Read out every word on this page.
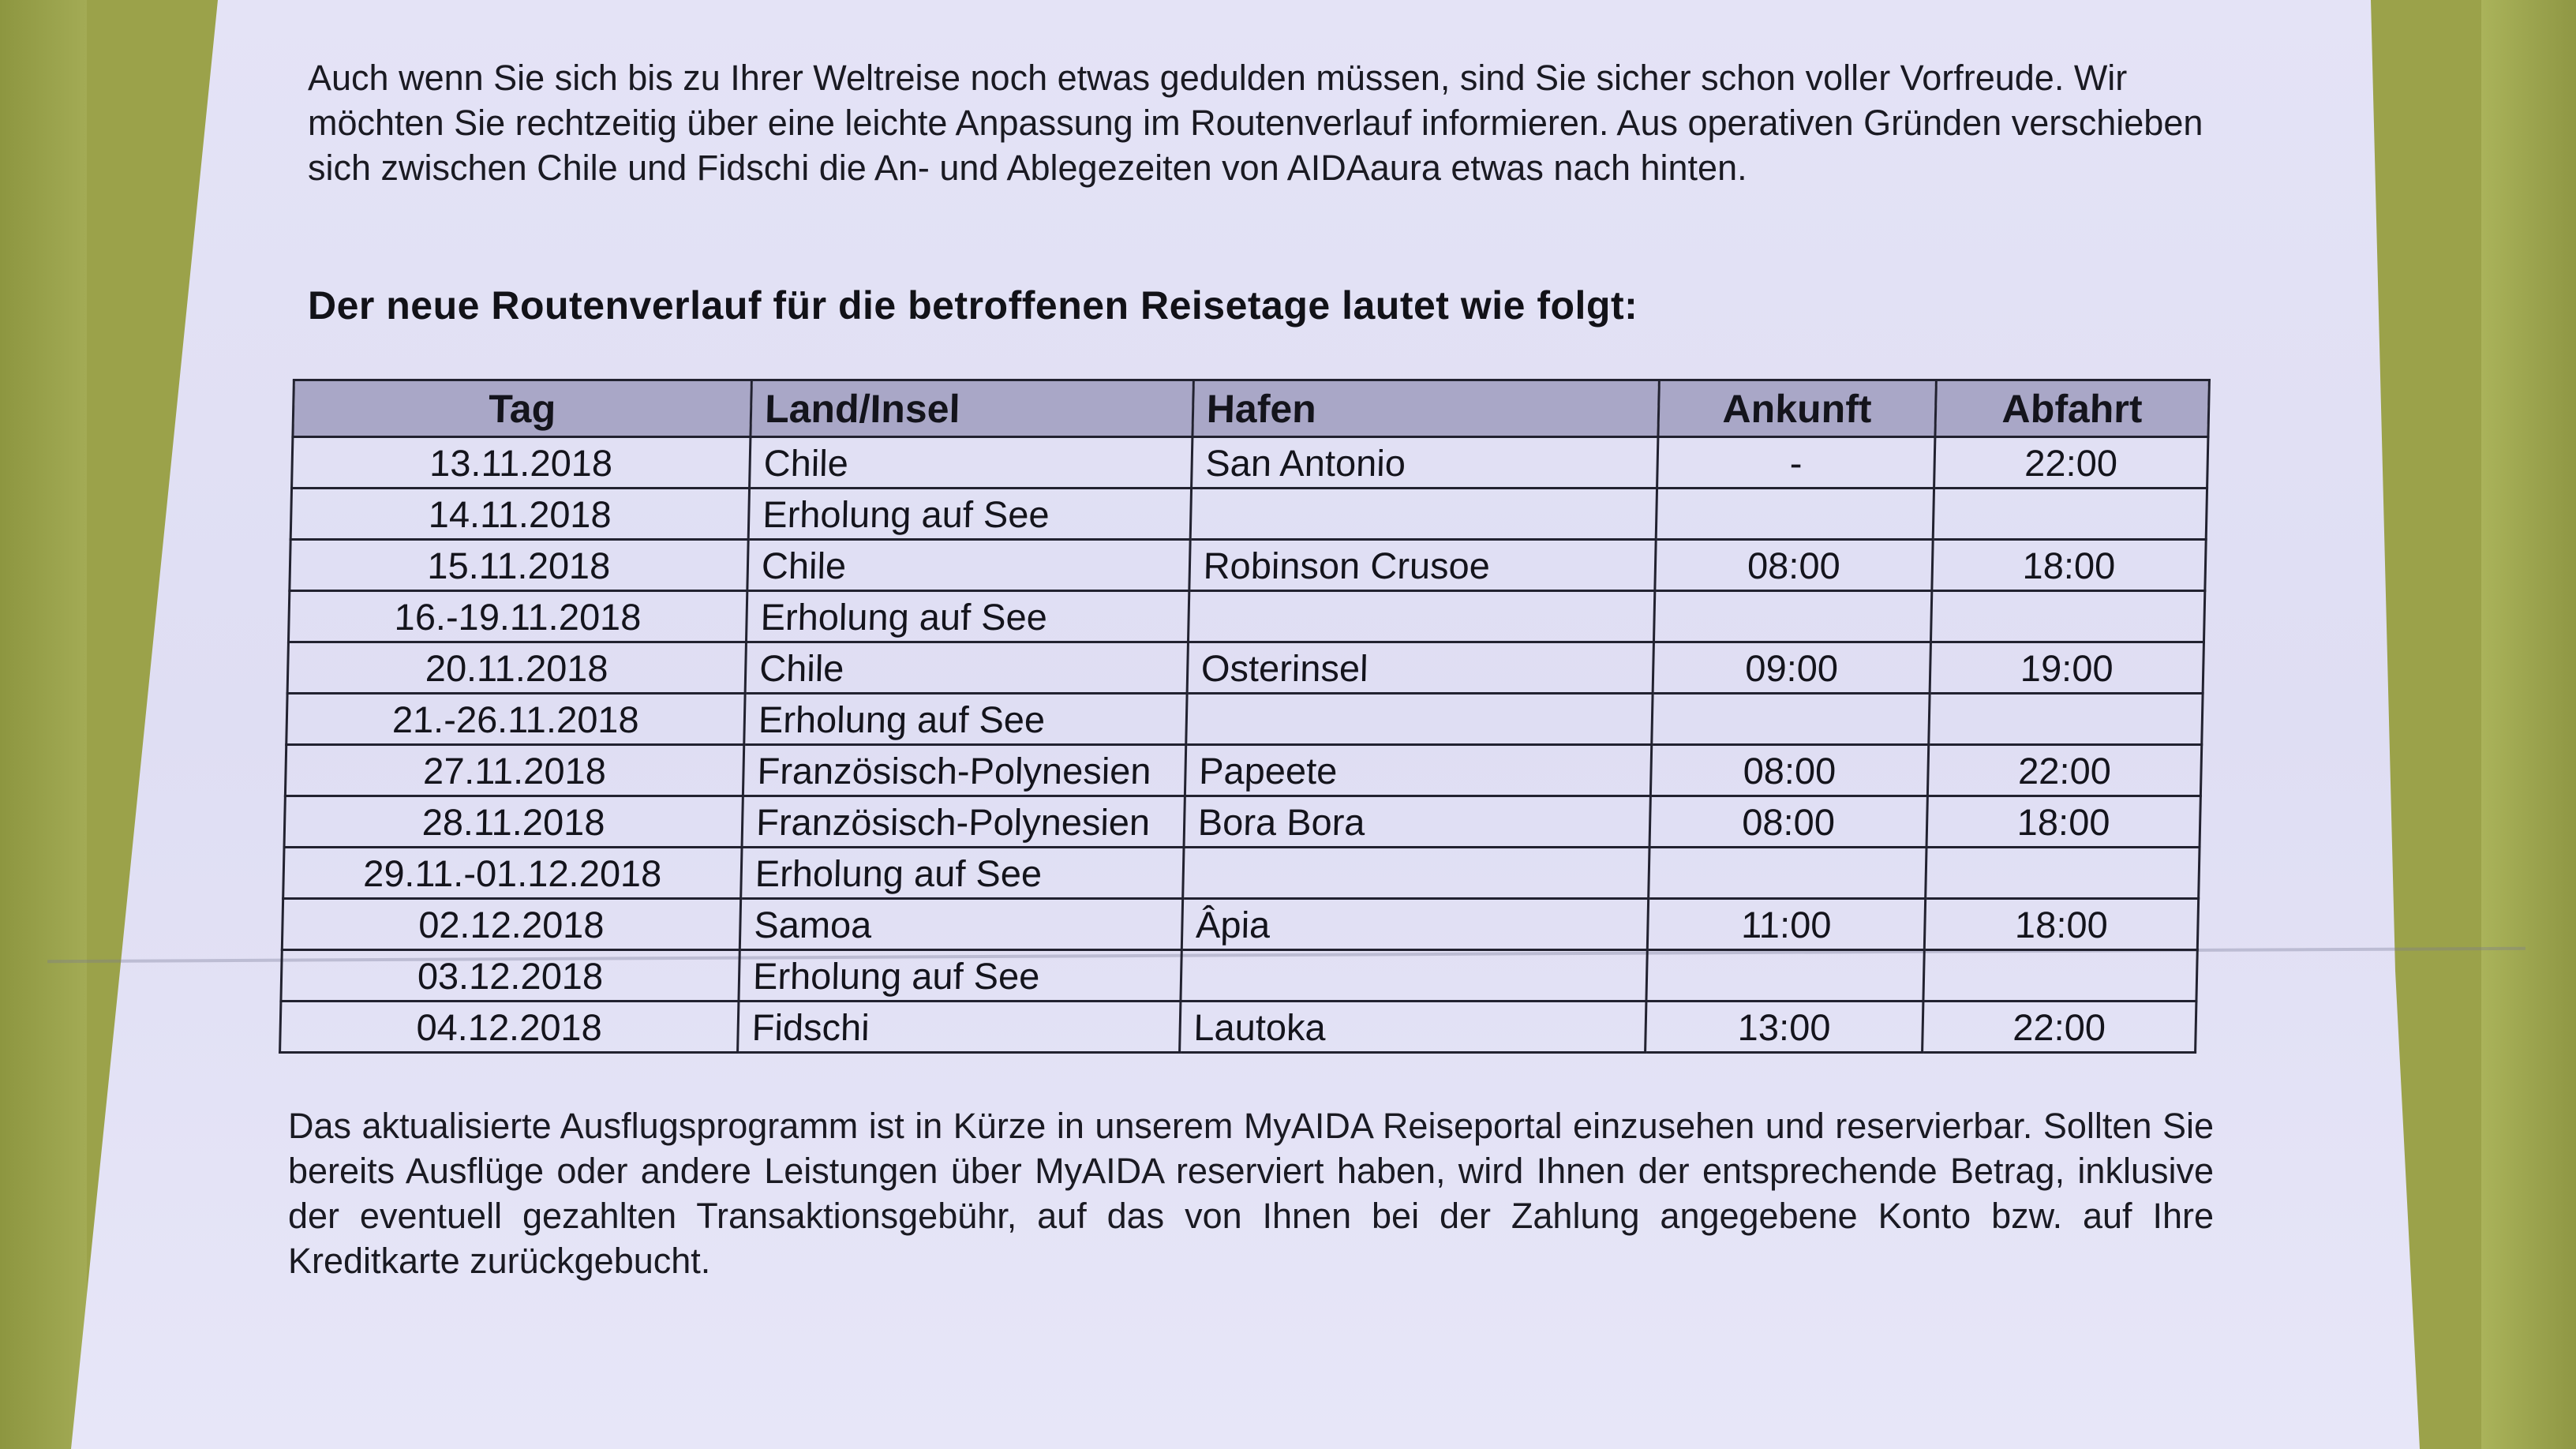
Auch wenn Sie sich bis zu Ihrer Weltreise noch etwas gedulden müssen, sind Sie sicher schon voller Vorfreude. Wir möchten Sie rechtzeitig über eine leichte Anpassung im Routenverlauf informieren. Aus operativen Gründen verschieben sich zwischen Chile und Fidschi die An- und Ablegezeiten von AIDAaura etwas nach hinten.

Der neue Routenverlauf für die betroffenen Reisetage lautet wie folgt:
Tag	Land/Insel	Hafen	Ankunft	Abfahrt
13.11.2018	Chile	San Antonio	-	22:00
14.11.2018	Erholung auf See			
15.11.2018	Chile	Robinson Crusoe	08:00	18:00
16.-19.11.2018	Erholung auf See			
20.11.2018	Chile	Osterinsel	09:00	19:00
21.-26.11.2018	Erholung auf See			
27.11.2018	Französisch-Polynesien	Papeete	08:00	22:00
28.11.2018	Französisch-Polynesien	Bora Bora	08:00	18:00
29.11.-01.12.2018	Erholung auf See			
02.12.2018	Samoa	Âpia	11:00	18:00
03.12.2018	Erholung auf See			
04.12.2018	Fidschi	Lautoka	13:00	22:00

Das aktualisierte Ausflugsprogramm ist in Kürze in unserem MyAIDA Reiseportal einzusehen und reservierbar. Sollten Sie bereits Ausflüge oder andere Leistungen über MyAIDA reserviert haben, wird Ihnen der entsprechende Betrag, inklusive der eventuell gezahlten Transaktionsgebühr, auf das von Ihnen bei der Zahlung angegebene Konto bzw. auf Ihre Kreditkarte zurückgebucht.
